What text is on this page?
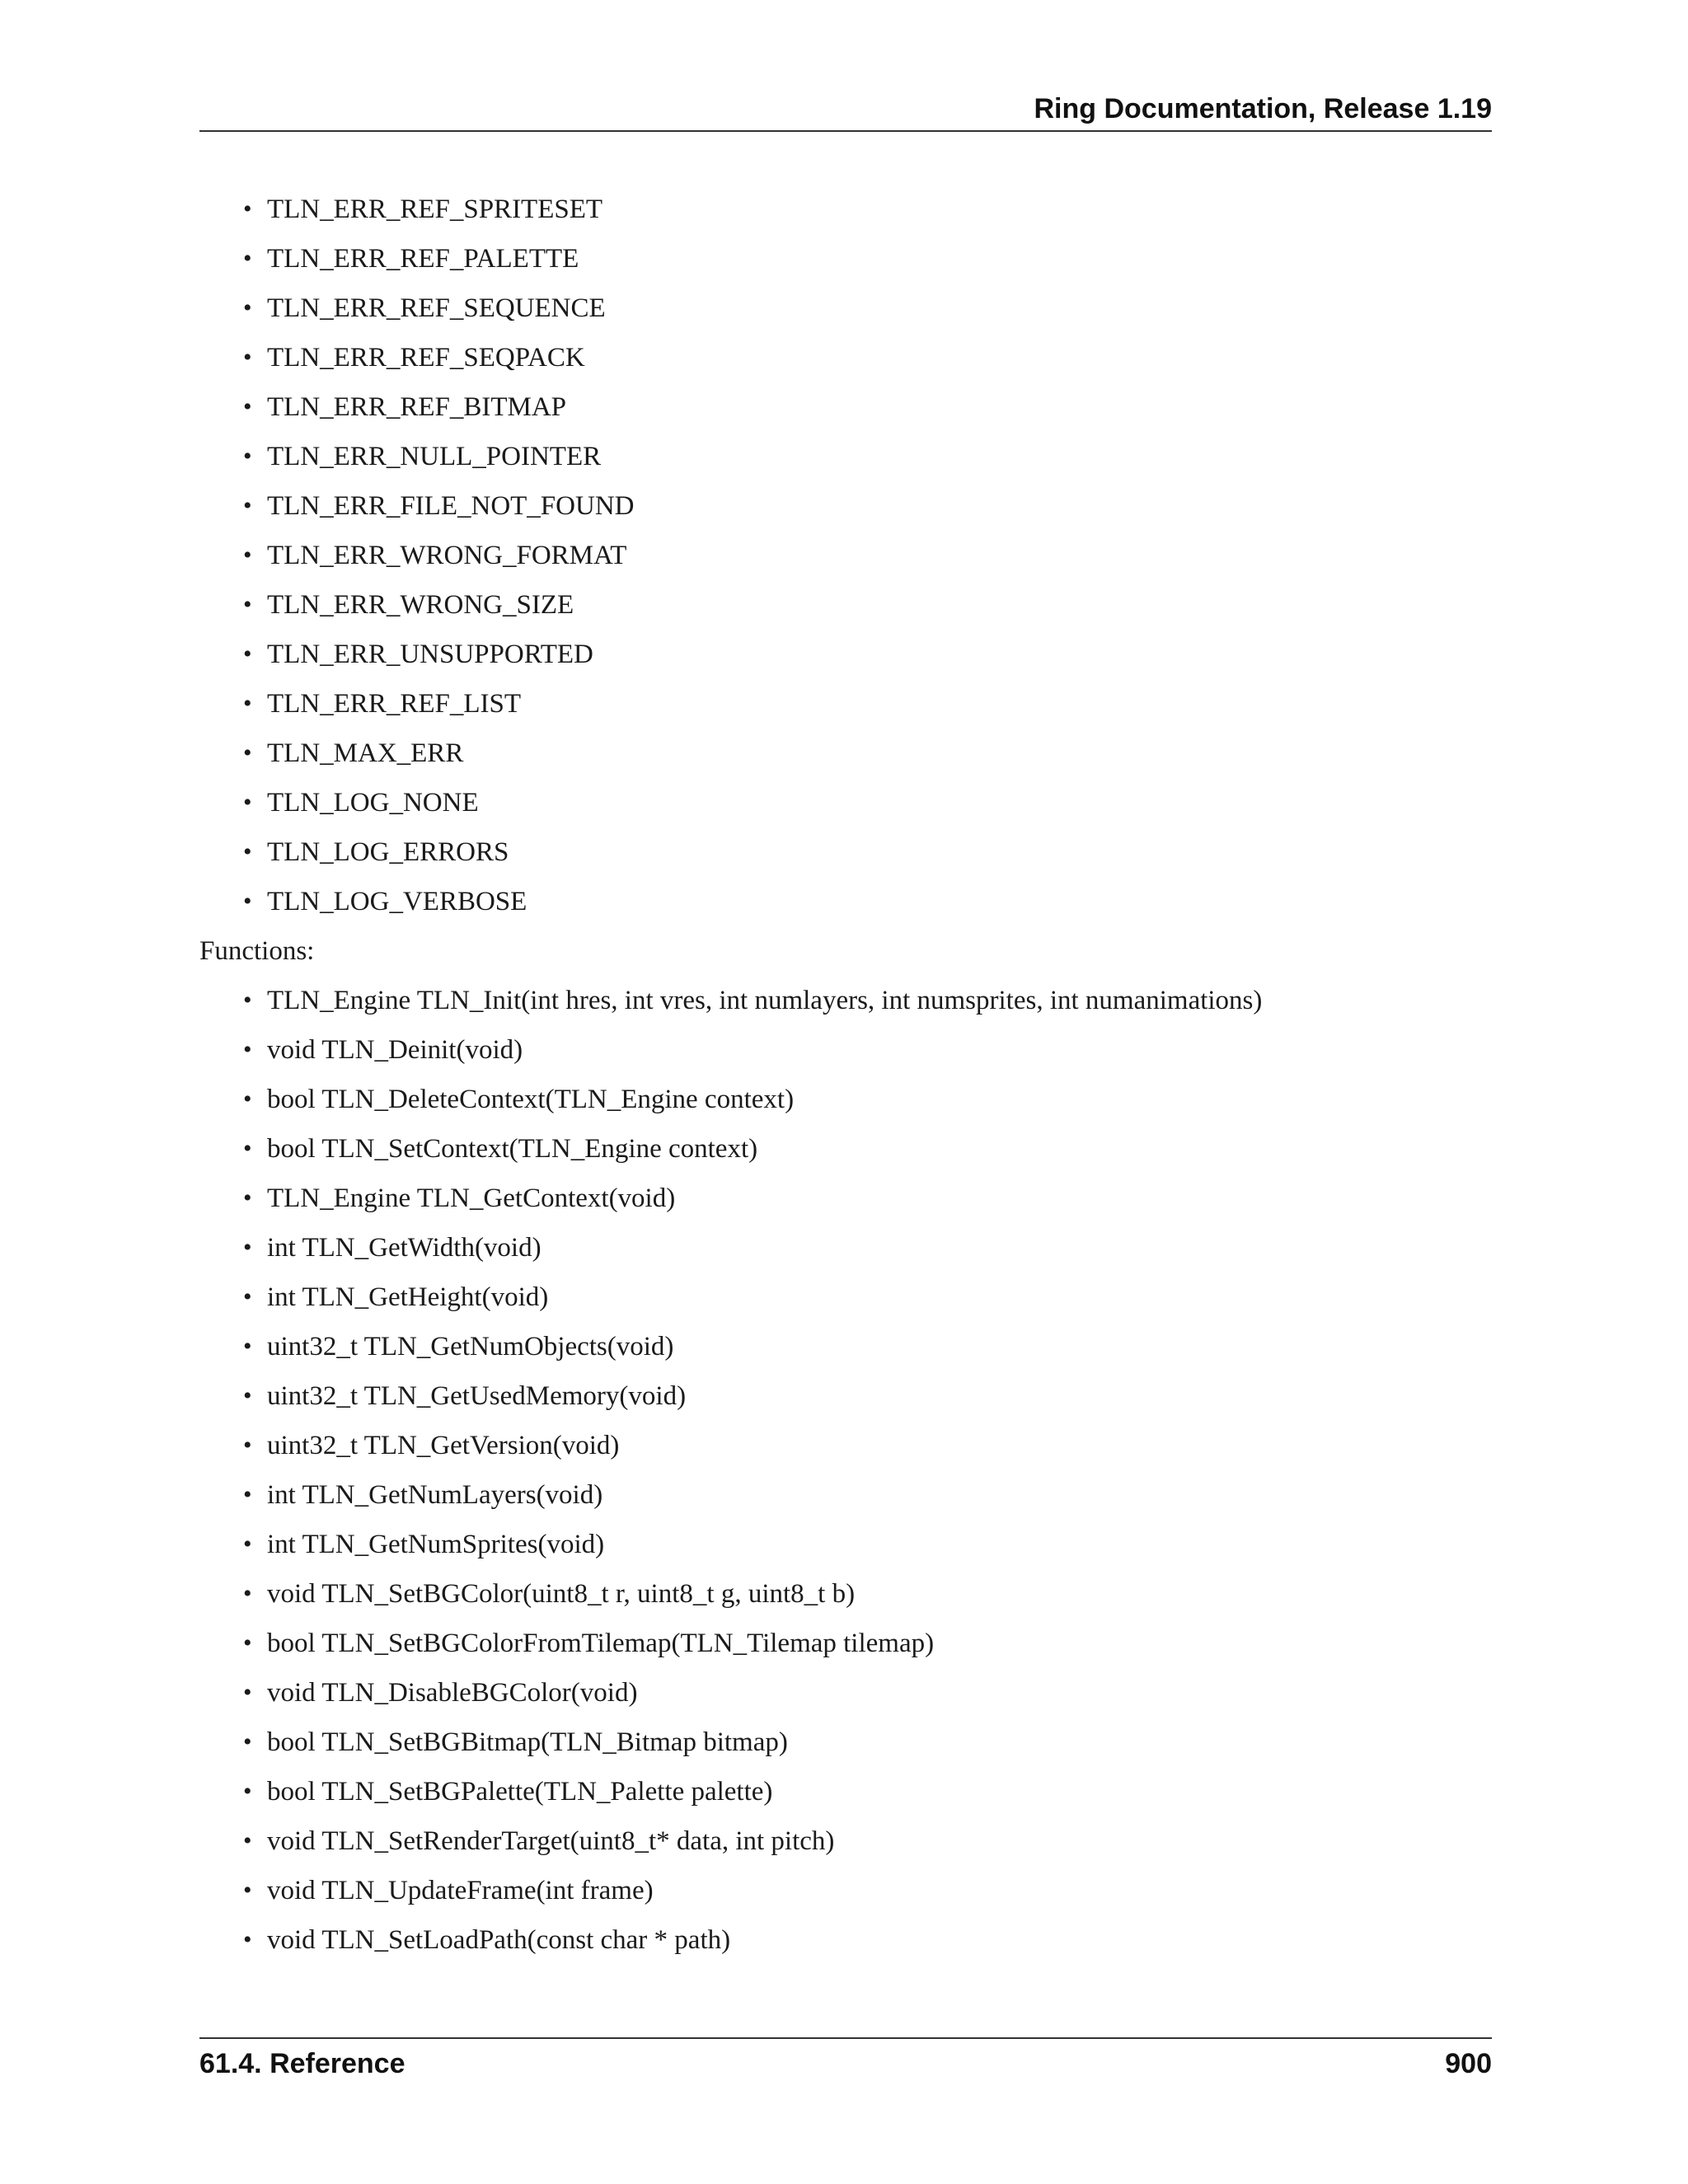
Ring Documentation, Release 1.19
• TLN_ERR_REF_SPRITESET
• TLN_ERR_REF_PALETTE
• TLN_ERR_REF_SEQUENCE
• TLN_ERR_REF_SEQPACK
• TLN_ERR_REF_BITMAP
• TLN_ERR_NULL_POINTER
• TLN_ERR_FILE_NOT_FOUND
• TLN_ERR_WRONG_FORMAT
• TLN_ERR_WRONG_SIZE
• TLN_ERR_UNSUPPORTED
• TLN_ERR_REF_LIST
• TLN_MAX_ERR
• TLN_LOG_NONE
• TLN_LOG_ERRORS
• TLN_LOG_VERBOSE
Functions:
• TLN_Engine TLN_Init(int hres, int vres, int numlayers, int numsprites, int numanimations)
• void TLN_Deinit(void)
• bool TLN_DeleteContext(TLN_Engine context)
• bool TLN_SetContext(TLN_Engine context)
• TLN_Engine TLN_GetContext(void)
• int TLN_GetWidth(void)
• int TLN_GetHeight(void)
• uint32_t TLN_GetNumObjects(void)
• uint32_t TLN_GetUsedMemory(void)
• uint32_t TLN_GetVersion(void)
• int TLN_GetNumLayers(void)
• int TLN_GetNumSprites(void)
• void TLN_SetBGColor(uint8_t r, uint8_t g, uint8_t b)
• bool TLN_SetBGColorFromTilemap(TLN_Tilemap tilemap)
• void TLN_DisableBGColor(void)
• bool TLN_SetBGBitmap(TLN_Bitmap bitmap)
• bool TLN_SetBGPalette(TLN_Palette palette)
• void TLN_SetRenderTarget(uint8_t* data, int pitch)
• void TLN_UpdateFrame(int frame)
• void TLN_SetLoadPath(const char * path)
61.4. Reference	900
